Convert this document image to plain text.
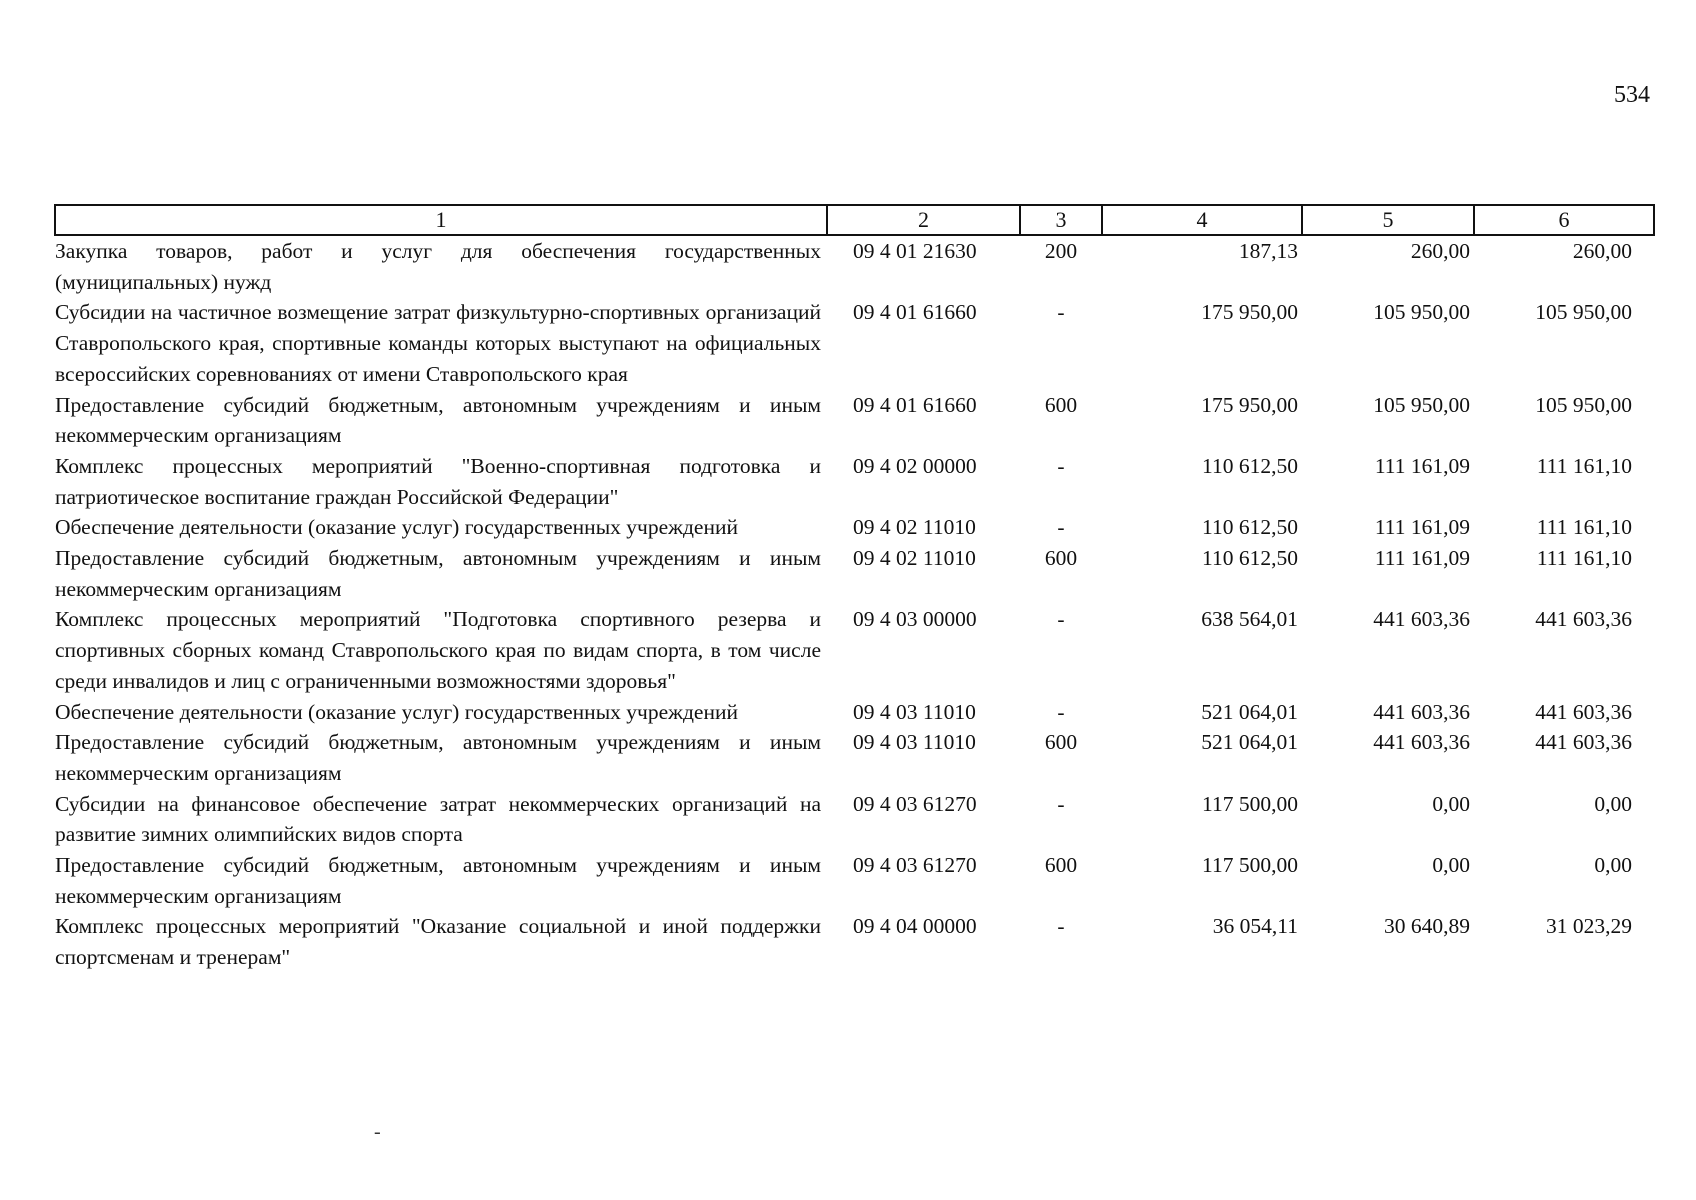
534
1	2	3	4	5	6
Закупка товаров, работ и услуг для обеспечения государственных (муниципальных) нужд	09 4 01 21630	200	187,13	260,00	260,00
Субсидии на частичное возмещение затрат физкультурно-спортивных организаций Ставропольского края, спортивные команды которых выступают на официальных всероссийских соревнованиях от имени Ставропольского края	09 4 01 61660	-	175 950,00	105 950,00	105 950,00
Предоставление субсидий бюджетным, автономным учреждениям и иным некоммерческим организациям	09 4 01 61660	600	175 950,00	105 950,00	105 950,00
Комплекс процессных мероприятий "Военно-спортивная подготовка и патриотическое воспитание граждан Российской Федерации"	09 4 02 00000	-	110 612,50	111 161,09	111 161,10
Обеспечение деятельности (оказание услуг) государственных учреждений	09 4 02 11010	-	110 612,50	111 161,09	111 161,10
Предоставление субсидий бюджетным, автономным учреждениям и иным некоммерческим организациям	09 4 02 11010	600	110 612,50	111 161,09	111 161,10
Комплекс процессных мероприятий "Подготовка спортивного резерва и спортивных сборных команд Ставропольского края по видам спорта, в том числе среди инвалидов и лиц с ограниченными возможностями здоровья"	09 4 03 00000	-	638 564,01	441 603,36	441 603,36
Обеспечение деятельности (оказание услуг) государственных учреждений	09 4 03 11010	-	521 064,01	441 603,36	441 603,36
Предоставление субсидий бюджетным, автономным учреждениям и иным некоммерческим организациям	09 4 03 11010	600	521 064,01	441 603,36	441 603,36
Субсидии на финансовое обеспечение затрат некоммерческих организаций на развитие зимних олимпийских видов спорта	09 4 03 61270	-	117 500,00	0,00	0,00
Предоставление субсидий бюджетным, автономным учреждениям и иным некоммерческим организациям	09 4 03 61270	600	117 500,00	0,00	0,00
Комплекс процессных мероприятий "Оказание социальной и иной поддержки спортсменам и тренерам"	09 4 04 00000	-	36 054,11	30 640,89	31 023,29
-
